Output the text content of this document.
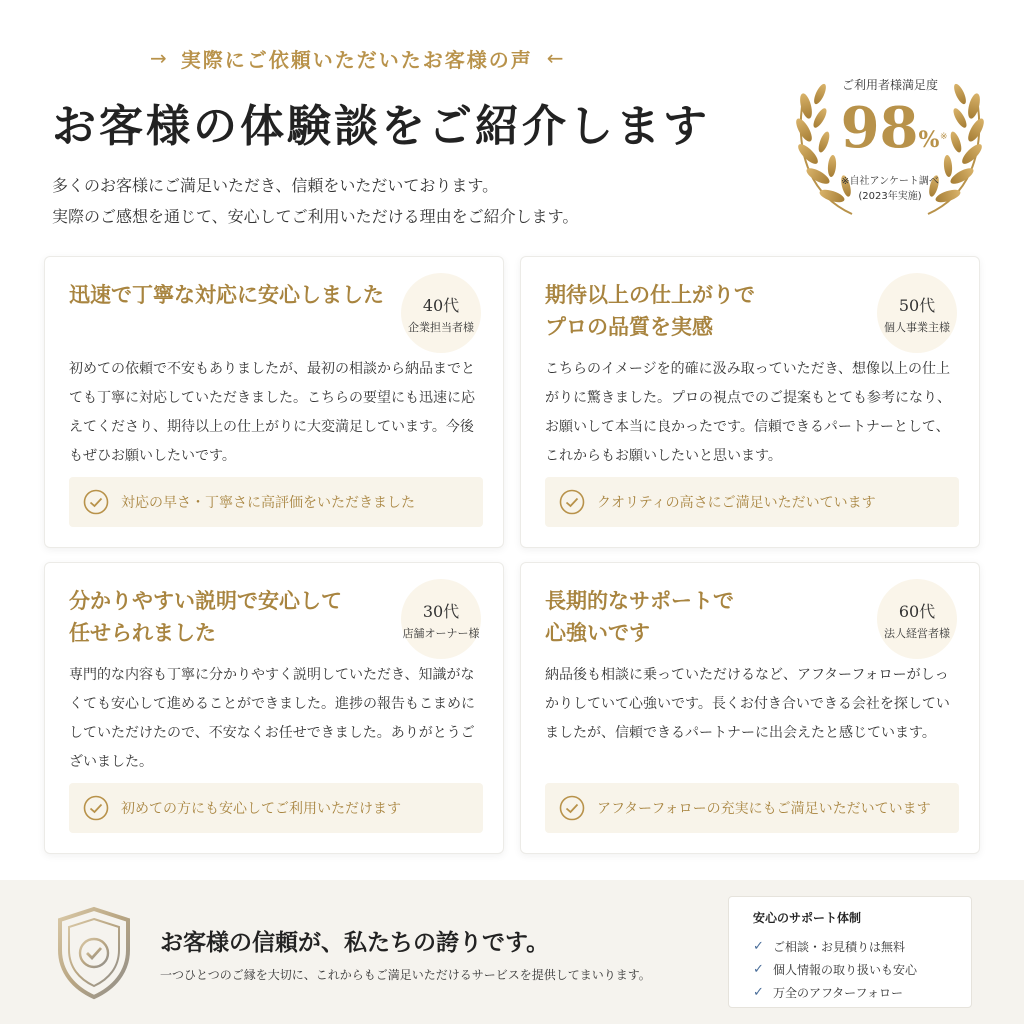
→ 実際にご依頼いただいたお客様の声 ←
お客様の体験談をご紹介します
多くのお客様にご満足いただき、信頼をいただいております。
実際のご感想を通じて、安心してご利用いただける理由をご紹介します。
ご利用者様満足度
98% ※
※自社アンケート調べ
(2023年実施)
迅速で丁寧な対応に安心しました	40代
企業担当者様
初めての依頼で不安もありましたが、最初の相談から納品までとても丁寧に対応していただきました。こちらの要望にも迅速に応えてくださり、期待以上の仕上がりに大変満足しています。今後もぜひお願いしたいです。
対応の早さ・丁寧さに高評価をいただきました
期待以上の仕上がりで
プロの品質を実感
50代
個人事業主様
こちらのイメージを的確に汲み取っていただき、想像以上の仕上がりに驚きました。プロの視点でのご提案もとても参考になり、お願いして本当に良かったです。信頼できるパートナーとして、これからもお願いしたいと思います。
クオリティの高さにご満足いただいています
分かりやすい説明で安心して
任せられました
30代
店舗オーナー様
専門的な内容も丁寧に分かりやすく説明していただき、知識がなくても安心して進めることができました。進捗の報告もこまめにしていただけたので、不安なくお任せできました。ありがとうございました。
初めての方にも安心してご利用いただけます
長期的なサポートで
心強いです
60代
法人経営者様
納品後も相談に乗っていただけるなど、アフターフォローがしっかりしていて心強いです。長くお付き合いできる会社を探していましたが、信頼できるパートナーに出会えたと感じています。
アフターフォローの充実にもご満足いただいています
お客様の信頼が、私たちの誇りです。
一つひとつのご縁を大切に、これからもご満足いただけるサービスを提供してまいります。
安心のサポート体制
✓ ご相談・お見積りは無料
✓ 個人情報の取り扱いも安心
✓ 万全のアフターフォロー
